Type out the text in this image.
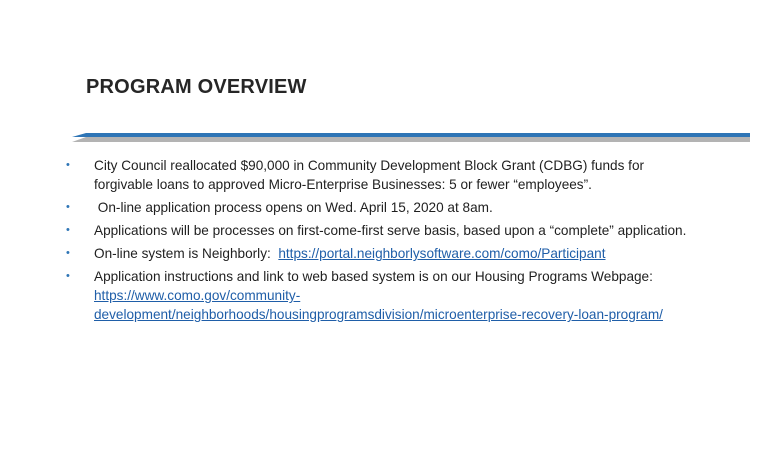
PROGRAM OVERVIEW
• City Council reallocated $90,000 in Community Development Block Grant (CDBG) funds for forgivable loans to approved Micro-Enterprise Businesses: 5 or fewer “employees”.
• On-line application process opens on Wed. April 15, 2020 at 8am.
• Applications will be processes on first-come-first serve basis, based upon a “complete” application.
• On-line system is Neighborly:  https://portal.neighborlysoftware.com/como/Participant
• Application instructions and link to web based system is on our Housing Programs Webpage:  https://www.como.gov/community-development/neighborhoods/housingprogramsdivision/microenterprise-recovery-loan-program/
